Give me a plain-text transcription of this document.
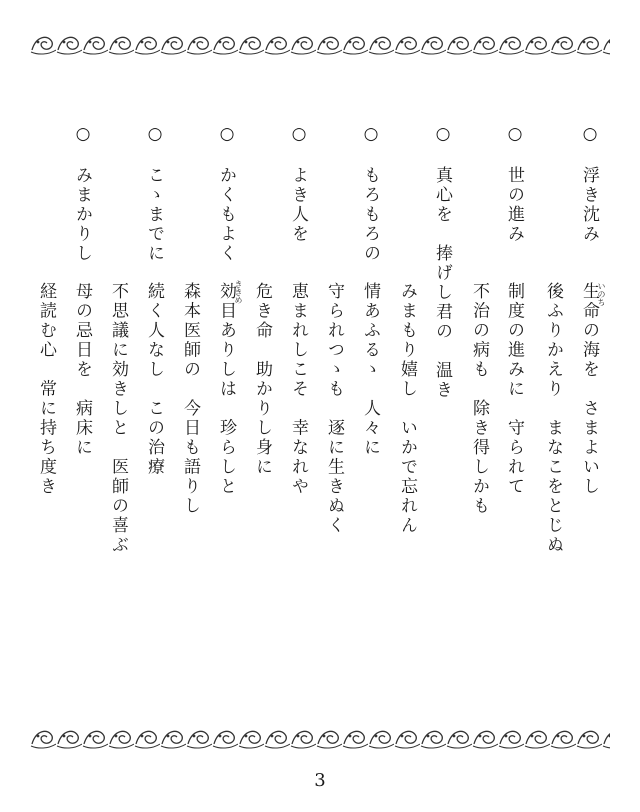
○
浮き沈み
生命の海を　さまよいし
いのち
後ふりかえり　まなこをとじぬ
○
世の進み
制度の進みに　守られて
不治の病も　除き得しかも
○
真心を　捧げし君の　温き
みまもり嬉し　いかで忘れん
○
もろもろの
情あふるゝ　人々に
守られつゝも　逐に生きぬく
○
よき人を
恵まれしこそ　幸なれや
危き命　助かりし身に
○
かくもよく
効目ありしは　珍らしと
ききめ
森本医師の　今日も語りし
○
こゝまでに
続く人なし　この治療
不思議に効きしと　医師の喜ぶ
○
みまかりし
母の忌日を　病床に
経読む心　常に持ち度き
3
